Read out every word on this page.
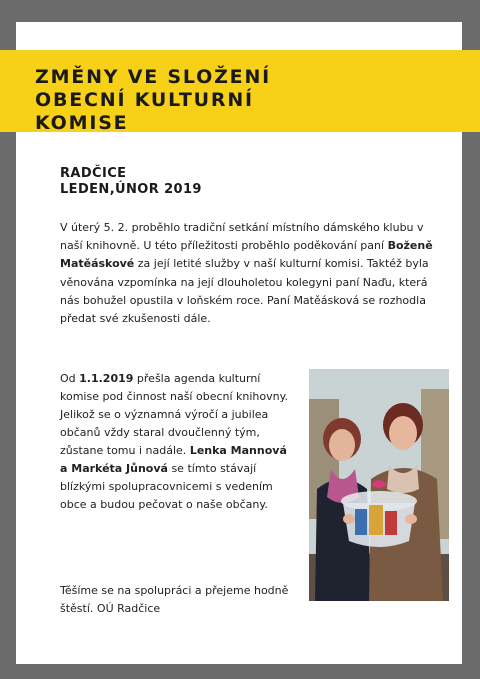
ZMĚNY VE SLOŽENÍ
OBECNÍ KULTURNÍ
KOMISE
RADČICE
LEDEN,ÚNOR 2019

V úterý 5. 2. proběhlo tradiční setkání místního dámského klubu v naší knihovně. U této příležitosti proběhlo poděkování paní Boženě Matěáskové za její letité služby v naší kulturní komisi. Taktéž byla věnována vzpomínka na její dlouholetou kolegyni paní Naďu, která nás bohužel opustila v loňském roce. Paní Matěásková se rozhodla předat své zkušenosti dále.

Od 1.1.2019 přešla agenda kulturní komise pod činnost naší obecní knihovny. Jelikož se o významná výročí a jubilea občanů vždy staral dvoučlenný tým, zůstane tomu i nadále. Lenka Mannová a Markéta Jůnová se tímto stávají blízkými spolupracovnicemi s vedením obce a budou pečovat o naše občany.

Těšíme se na spolupráci a přejeme hodně štěstí. OÚ Radčice
